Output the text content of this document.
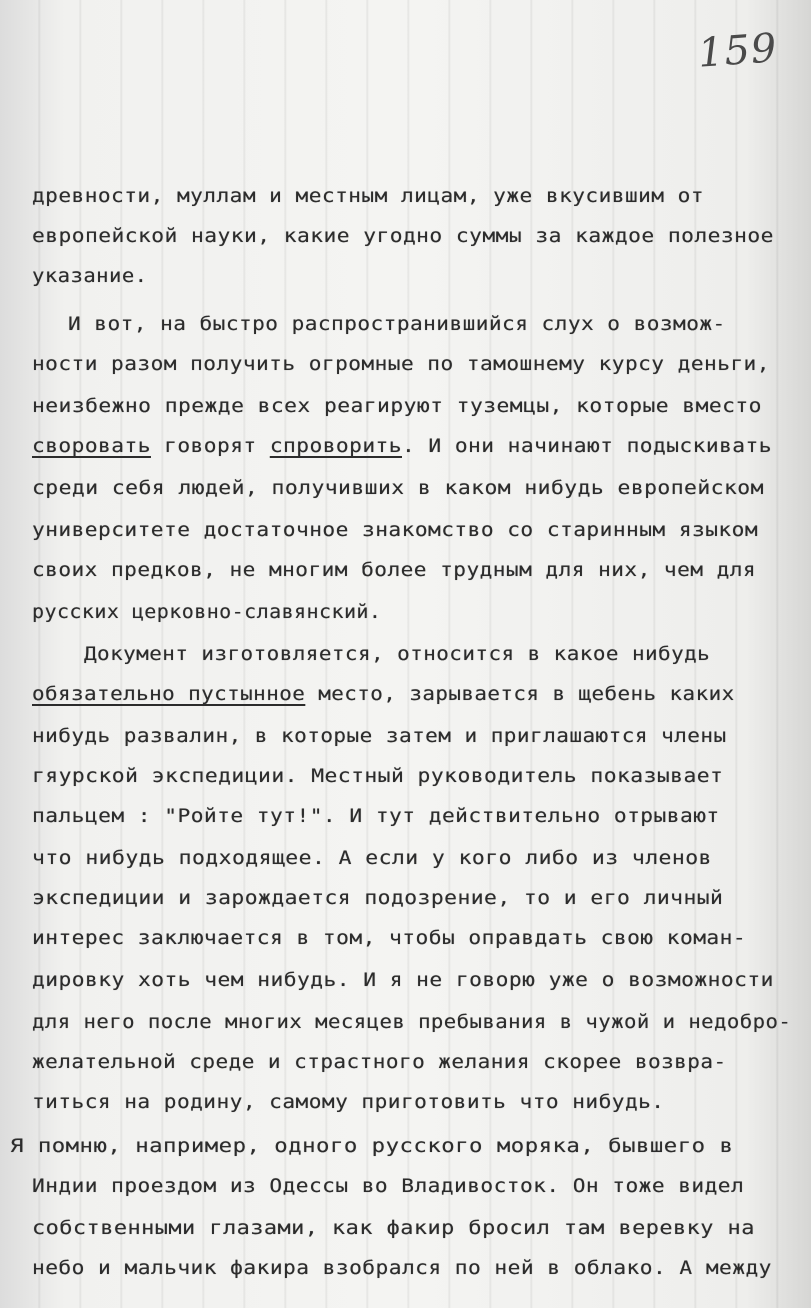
159
древности, муллам и местным лицам, уже вкусившим от
европейской науки, какие угодно суммы за каждое полезное
указание.
И вот, на быстро распространившийся слух о возмож-
ности разом получить огромные по тамошнему курсу деньги,
неизбежно прежде всех реагируют туземцы, которые вместо
своровать говорят спроворить. И они начинают подыскивать
среди себя людей, получивших в каком нибудь европейском
университете достаточное знакомство со старинным языком
своих предков, не многим более трудным для них, чем для
русских церковно-славянский.
Документ изготовляется, относится в какое нибудь
обязательно пустынное место, зарывается в щебень каких
нибудь развалин, в которые затем и приглашаются члены
гяурской экспедиции. Местный руководитель показывает
пальцем : "Ройте тут!". И тут действительно отрывают
что нибудь подходящее. А если у кого либо из членов
экспедиции и зарождается подозрение, то и его личный
интерес заключается в том, чтобы оправдать свою коман-
дировку хоть чем нибудь. И я не говорю уже о возможности
для него после многих месяцев пребывания в чужой и недобро-
желательной среде и страстного желания скорее возвра-
титься на родину, самому приготовить что нибудь.
Я помню, например, одного русского моряка, бывшего в
Индии проездом из Одессы во Владивосток. Он тоже видел
собственными глазами, как факир бросил там веревку на
небо и мальчик факира взобрался по ней в облако. А между
